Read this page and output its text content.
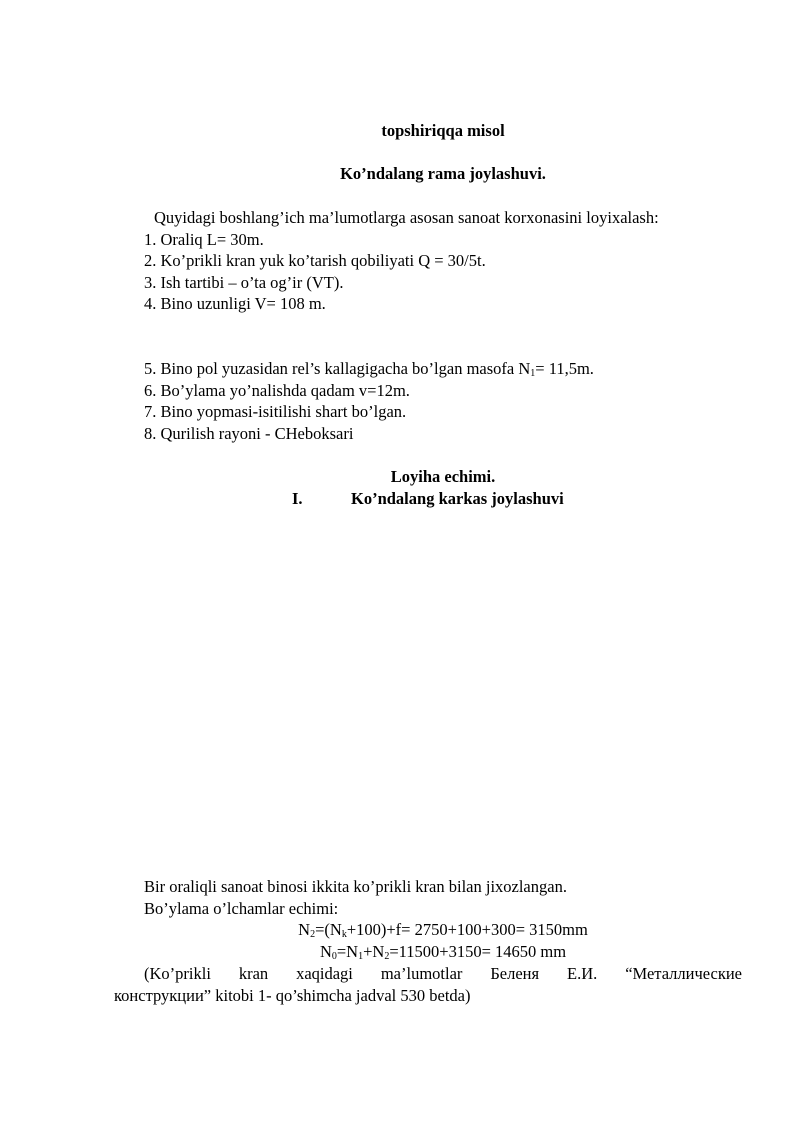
topshiriqqa misol
Ko’ndalang rama joylashuvi.
Quyidagi boshlang’ich ma’lumotlarga asosan sanoat korxonasini loyixalash:
1. Oraliq L= 30m.
2. Ko’prikli kran yuk ko’tarish qobiliyati Q = 30/5t.
3. Ish tartibi – o’ta og’ir (VT).
4. Bino uzunligi V= 108 m.
5. Bino pol yuzasidan rel’s kallagigacha bo’lgan masofa $N_1= 11,5m$.
6. Bo’ylama yo’nalishda qadam v=12m.
7. Bino yopmasi-isitilishi shart bo’lgan.
8. Qurilish rayoni - CHeboksari
Loyiha echimi.
I.	Ko’ndalang karkas joylashuvi
Bir oraliqli sanoat binosi ikkita ko’prikli kran bilan jixozlangan.
Bo’ylama o’lchamlar echimi:
$N_2=(N_k+100)+f= 2750+100+300= 3150mm$
$N_0=N_1+N_2=11500+3150= 14650$ mm
(Ko’prikli kran xaqidagi ma’lumotlar Беленя Е.И. “Металлические
конструкции” kitobi 1- qo’shimcha jadval 530 betda)
